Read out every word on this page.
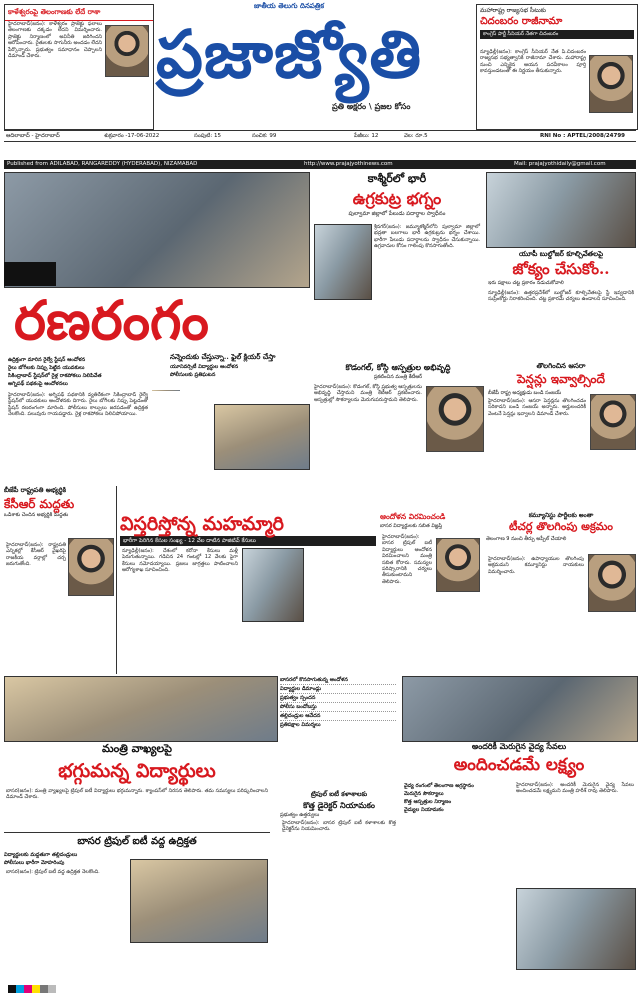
కాళేశ్వరంపై తెలంగాణకు లేదే రాశా
హైదరాబాద్(జనం): కాళేశ్వరం ప్రాజెక్టు ఫలాలు తెలంగాణకు దక్కడం లేదని విమర్శించారు. ప్రాజెక్టు నిర్మాణంలో అవినీతి జరిగిందని ఆరోపించారు. రైతులకు సాగునీరు అందడం లేదని పేర్కొన్నారు. ప్రభుత్వం సమాధానం చెప్పాలని డిమాండ్ చేశారు.
జాతీయ తెలుగు దినపత్రిక
ప్రజాజ్యోతి
ప్రతి అక్షరం \ ప్రజల కోసం
మహారాష్ట్ర రాజ్యసభ సీటుకు
చిదంబరం రాజీనామా
కాంగ్రెస్ పార్టీ సీనియర్ నేతగా చిదంబరం
న్యూఢిల్లీ(జనం): కాంగ్రెస్ సీనియర్ నేత పి.చిదంబరం రాజ్యసభ సభ్యత్వానికి రాజీనామా చేశారు. మహారాష్ట్ర నుంచి ఎన్నికైన ఆయన పదవీకాలం పూర్తి కావస్తుండటంతో ఈ నిర్ణయం తీసుకున్నారు.
ఆదిలాబాద్ - హైదరాబాద్	శుక్రవారం -17-06-2022	సంపుటి: 15	సంచిక: 99	పేజీలు: 12	వెల: రూ.5	RNI No : APTEL/2008/24799
Published from ADILABAD, RANGAREDDY (HYDERABAD), NIZAMABAD	http://www.prajajyothinews.com	Mail: prajajyothidaily@gmail.com
రణరంగం
ఉద్రిక్తంగా మారిన రైల్వే స్టేషన్ ఆందోళన
రైలు బోగీలకు నిప్పు పెట్టిన యువకులు
సికింద్రాబాద్ స్టేషన్‌లో రైళ్ల రాకపోకలు నిలిపివేత
అగ్నిపథ్ పథకంపై ఆందోళనలు
హైదరాబాద్(జనం): అగ్నిపథ్ పథకానికి వ్యతిరేకంగా సికింద్రాబాద్ రైల్వే స్టేషన్‌లో యువకులు ఆందోళనకు దిగారు. రైలు బోగీలకు నిప్పు పెట్టడంతో స్టేషన్ రణరంగంగా మారింది. పోలీసులు కాల్పులు జరపడంతో ఉద్రిక్తత నెలకొంది. పలువురు గాయపడ్డారు. రైళ్ల రాకపోకలు నిలిచిపోయాయి.
కాశ్మీర్‌లో భారీ
ఉగ్రకుట్ర భగ్నం
పుల్వామా జిల్లాలో పేలుడు పదార్థాల స్వాధీనం
శ్రీనగర్(జనం): జమ్మూకశ్మీర్‌లోని పుల్వామా జిల్లాలో భద్రతా బలగాలు భారీ ఉగ్రకుట్రను భగ్నం చేశాయి. భారీగా పేలుడు పదార్థాలను స్వాధీనం చేసుకున్నాయి. ఉగ్రవాదుల కోసం గాలింపు కొనసాగుతోంది.
యూపీ బుల్డోజర్ కూల్చివేతలపై
జోక్యం చేసుకోం..
ఇరు పక్షాలు చట్ట ప్రకారం నడుచుకోవాలి
న్యూఢిల్లీ(జనం): ఉత్తరప్రదేశ్‌లో బుల్డోజర్ కూల్చివేతలపై స్టే ఇవ్వడానికి సుప్రీంకోర్టు నిరాకరించింది. చట్ట ప్రకారమే చర్యలు ఉండాలని సూచించింది.
నన్నెందుకు చేస్తున్నా.. ఫైల్ క్లియర్ చేస్తా
యూనివర్సిటీ విద్యార్థుల ఆందోళన
పోలీసులకు ప్రతిఘటన
కొడంగల్, కోస్గి ఆస్పత్రుల అభివృద్ధి
ప్రకటించిన మంత్రి కేటీఆర్
హైదరాబాద్(జనం): కొడంగల్, కోస్గి ప్రభుత్వ ఆస్పత్రులను అభివృద్ధి చేస్తామని మంత్రి కేటీఆర్ ప్రకటించారు. ఆస్పత్రుల్లో సౌకర్యాలను మెరుగుపరుస్తామని తెలిపారు.
తొలగించిన ఆసరా
పెన్షన్లు ఇవ్వాల్సిందే
బీజేపీ రాష్ట్ర అధ్యక్షుడు బండి సంజయ్
హైదరాబాద్(జనం): ఆసరా పెన్షన్లను తొలగించడం సరికాదని బండి సంజయ్ అన్నారు. అర్హులందరికీ వెంటనే పెన్షన్లు ఇవ్వాలని డిమాండ్ చేశారు.
బీజేపీ రాష్ట్రపతి అభ్యర్థికి
కేసీఆర్ మద్దతు
ఒడిశాకు చెందిన అభ్యర్థికి మద్దతు
హైదరాబాద్(జనం): రాష్ట్రపతి ఎన్నికల్లో కేసీఆర్ వైఖరిపై రాజకీయ వర్గాల్లో చర్చ జరుగుతోంది.
విస్తరిస్తోన్న మహమ్మారి
భారీగా పెరిగిన కేసుల సంఖ్య - 12 వేల దాటిన పాజిటివ్ కేసులు
న్యూఢిల్లీ(జనం): దేశంలో కరోనా కేసులు మళ్లీ పెరుగుతున్నాయి. గడిచిన 24 గంటల్లో 12 వేలకు పైగా కేసులు నమోదయ్యాయి. ప్రజలు జాగ్రత్తలు పాటించాలని ఆరోగ్యశాఖ సూచించింది.
ఆందోళన విరమించండి
బాసర విద్యార్థులకు సబిత విజ్ఞప్తి
హైదరాబాద్(జనం): బాసర ట్రిపుల్ ఐటీ విద్యార్థులు ఆందోళన విరమించాలని మంత్రి సబిత కోరారు. సమస్యల పరిష్కారానికి చర్యలు తీసుకుంటామని తెలిపారు.
కమ్యూనిస్టు పార్టీలకు అంతా
టీచర్ల తొలగింపు అక్రమం
తెలంగాణ 9 నుంచి తీర్పు అప్పీల్ చేయాలి
హైదరాబాద్(జనం): ఉపాధ్యాయుల తొలగింపు అక్రమమని కమ్యూనిస్టు నాయకులు విమర్శించారు.
మంత్రి వాఖ్యలపై
భగ్గుమన్న విద్యార్థులు
బాసర(జనం): మంత్రి వ్యాఖ్యలపై ట్రిపుల్ ఐటీ విద్యార్థులు భగ్గుమన్నారు. క్యాంపస్‌లో నిరసన తెలిపారు. తమ సమస్యలు పరిష్కరించాలని డిమాండ్ చేశారు.
బాసరలో కొనసాగుతున్న ఆందోళన
విద్యార్థుల డిమాండ్లు
ప్రభుత్వం స్పందన
పోలీసు బందోబస్తు
తల్లిదండ్రుల ఆవేదన
ప్రతిపక్షాల విమర్శలు
బాసర ట్రిపుల్ ఐటీ వద్ద ఉద్రిక్తత
విద్యార్థులకు మద్దతుగా తల్లిదండ్రులు
పోలీసులు భారీగా మోహరింపు
బాసర(జనం): ట్రిపుల్ ఐటీ వద్ద ఉద్రిక్తత నెలకొంది.
ట్రిపుల్ ఐటీ కళాశాలకు
కొత్త డైరెక్టర్ నియామకం
ప్రభుత్వం ఉత్తర్వులు
హైదరాబాద్(జనం): బాసర ట్రిపుల్ ఐటీ కళాశాలకు కొత్త డైరెక్టర్‌ను నియమించారు.
అందరికీ మెరుగైన వైద్య సేవలు
అందించడమే లక్ష్యం
వైద్య రంగంలో తెలంగాణ అగ్రస్థానం
మెరుగైన సౌకర్యాలు
కొత్త ఆస్పత్రుల నిర్మాణం
వైద్యుల నియామకం
హైదరాబాద్(జనం): అందరికీ మెరుగైన వైద్య సేవలు అందించడమే లక్ష్యమని మంత్రి హరీశ్ రావు తెలిపారు.
